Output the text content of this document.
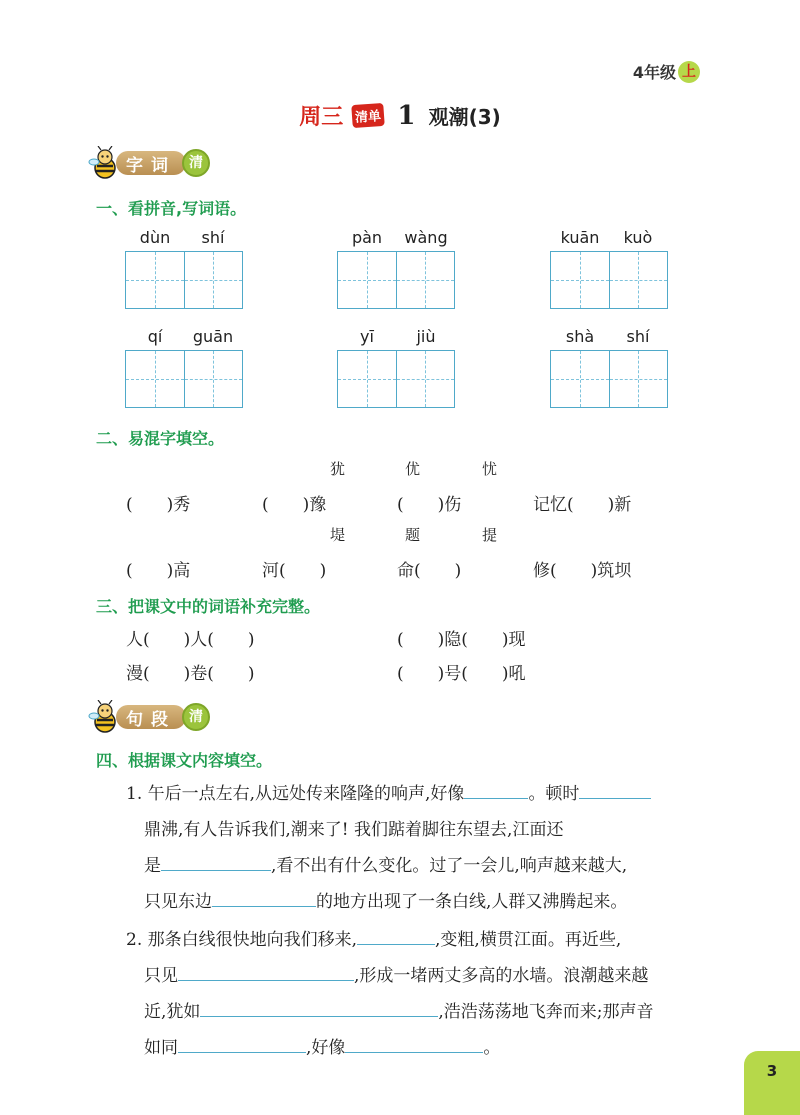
4年级 上
周三 清单 1 观潮(3)
字词 清
一、看拼音,写词语。
dùn	shí	pàn	wàng	kuān	kuò
qí	guān	yī	jiù	shà	shí
二、易混字填空。
犹	优	忧
(　　)秀	(　　)豫	(　　)伤	记忆(　　)新
堤	题	提
(　　)高	河(　　)	命(　　)	修(　　)筑坝
三、把课文中的词语补充完整。
人(　　)人(　　)	(　　)隐(　　)现
漫(　　)卷(　　)	(　　)号(　　)吼
句段 清
四、根据课文内容填空。
1. 午后一点左右,从远处传来隆隆的响声,好像	。顿时
鼎沸,有人告诉我们,潮来了! 我们踮着脚往东望去,江面还
是	,看不出有什么变化。过了一会儿,响声越来越大,
只见东边	的地方出现了一条白线,人群又沸腾起来。
2. 那条白线很快地向我们移来,	,变粗,横贯江面。再近些,
只见	,形成一堵两丈多高的水墙。浪潮越来越
近,犹如	,浩浩荡荡地飞奔而来;那声音
如同	,好像	。
3
